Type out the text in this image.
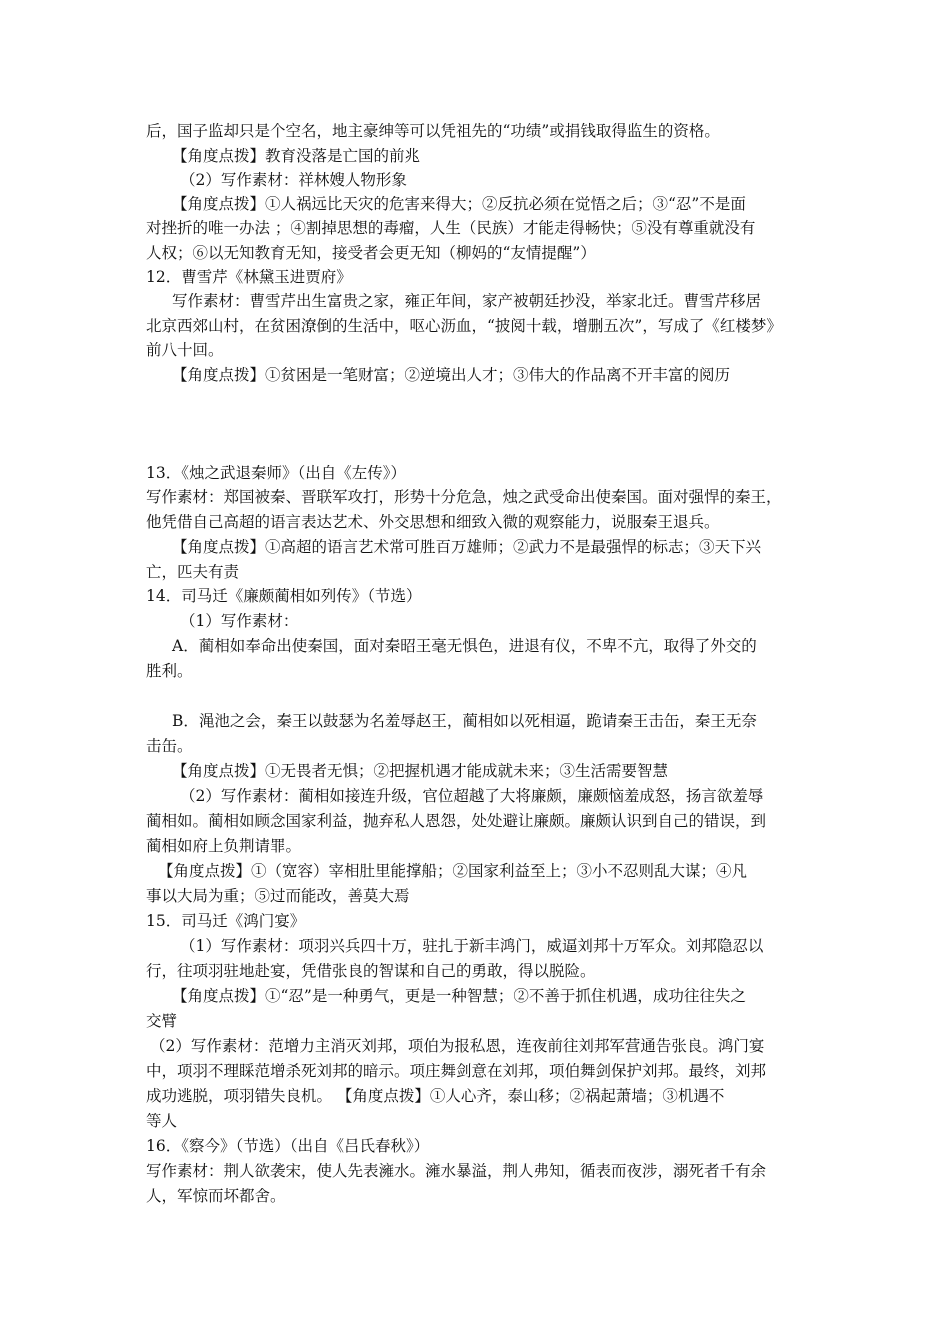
后，国子监却只是个空名，地主豪绅等可以凭祖先的“功绩”或捐钱取得监生的资格。
【角度点拨】教育没落是亡国的前兆
（2）写作素材：祥林嫂人物形象
【角度点拨】①人祸远比天灾的危害来得大；②反抗必须在觉悟之后；③“忍”不是面
对挫折的唯一办法 ；④割掉思想的毒瘤，人生（民族）才能走得畅快；⑤没有尊重就没有
人权；⑥以无知教育无知，接受者会更无知（柳妈的“友情提醒”）
12．曹雪芹《林黛玉进贾府》
写作素材：曹雪芹出生富贵之家，雍正年间，家产被朝廷抄没，举家北迁。曹雪芹移居
北京西郊山村，在贫困潦倒的生活中，呕心沥血，“披阅十载，增删五次”，写成了《红楼梦》
前八十回。
【角度点拨】①贫困是一笔财富；②逆境出人才；③伟大的作品离不开丰富的阅历
13．《烛之武退秦师》（出自《左传》）
写作素材：郑国被秦、晋联军攻打，形势十分危急，烛之武受命出使秦国。面对强悍的秦王，
他凭借自己高超的语言表达艺术、外交思想和细致入微的观察能力，说服秦王退兵。
【角度点拨】①高超的语言艺术常可胜百万雄师；②武力不是最强悍的标志；③天下兴
亡，匹夫有责
14．司马迁《廉颇蔺相如列传》（节选）
（1）写作素材：
A．蔺相如奉命出使秦国，面对秦昭王毫无惧色，进退有仪，不卑不亢，取得了外交的
胜利。
B．渑池之会，秦王以鼓瑟为名羞辱赵王，蔺相如以死相逼，跪请秦王击缶，秦王无奈
击缶。
【角度点拨】①无畏者无惧；②把握机遇才能成就未来；③生活需要智慧
（2）写作素材：蔺相如接连升级，官位超越了大将廉颇，廉颇恼羞成怒，扬言欲羞辱
蔺相如。蔺相如顾念国家利益，抛弃私人恩怨，处处避让廉颇。廉颇认识到自己的错误，到
蔺相如府上负荆请罪。
【角度点拨】①（宽容）宰相肚里能撑船；②国家利益至上；③小不忍则乱大谋；④凡
事以大局为重；⑤过而能改，善莫大焉
15．司马迁《鸿门宴》
（1）写作素材：项羽兴兵四十万，驻扎于新丰鸿门，威逼刘邦十万军众。刘邦隐忍以
行，往项羽驻地赴宴，凭借张良的智谋和自己的勇敢，得以脱险。
【角度点拨】①“忍”是一种勇气，更是一种智慧；②不善于抓住机遇，成功往往失之
交臂
（2）写作素材：范增力主消灭刘邦，项伯为报私恩，连夜前往刘邦军营通告张良。鸿门宴
中，项羽不理睬范增杀死刘邦的暗示。项庄舞剑意在刘邦，项伯舞剑保护刘邦。最终，刘邦
成功逃脱，项羽错失良机。 【角度点拨】①人心齐，泰山移；②祸起萧墙；③机遇不
等人
16．《察今》（节选）（出自《吕氏春秋》）
写作素材：荆人欲袭宋，使人先表澭水。澭水暴溢，荆人弗知，循表而夜涉，溺死者千有余
人，军惊而坏都舍。
